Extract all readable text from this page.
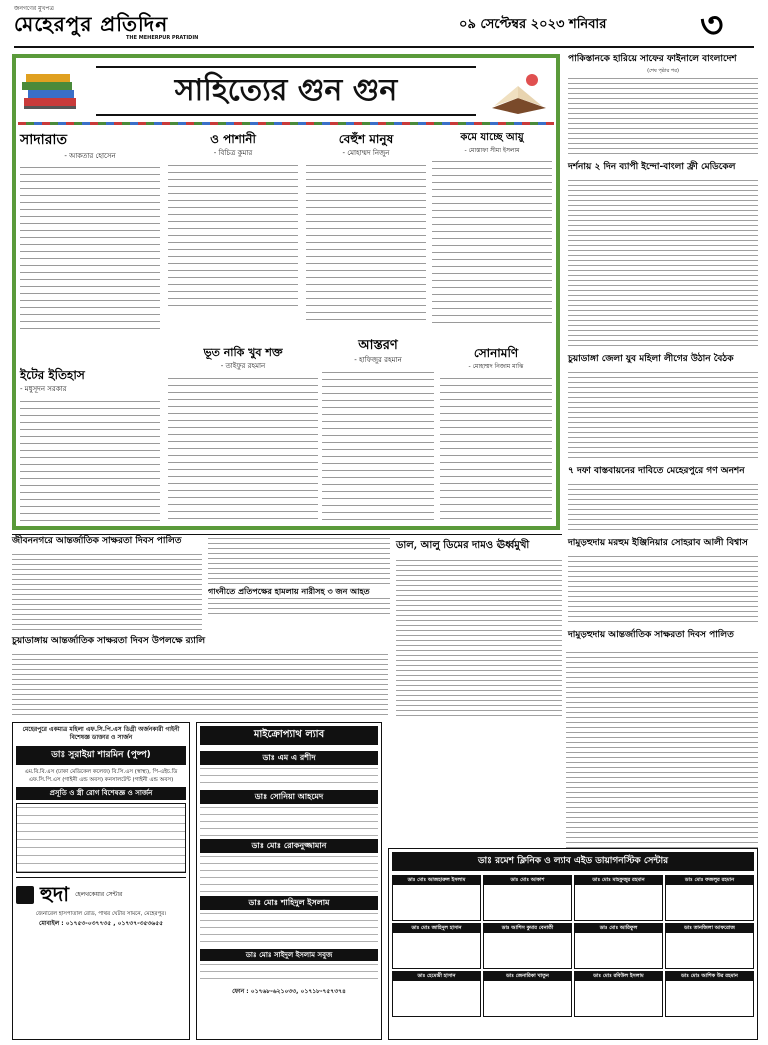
জনগণের মুখপত্র
মেহেরপুর প্রতিদিন
THE MEHERPUR PRATIDIN
০৯ সেপ্টেম্বর ২০২৩ শনিবার	৩
সাহিত্যের গুন গুন
সাদারাত
- আকতার হোসেন
ও পাশানী
- বিচিত্র কুমার
বেহুঁশ মানুষ
- মোহাম্মদ নিজুন
কমে যাচ্ছে আয়ু
- মোস্তাফা সীমা ইসলাম
ভূত নাকি খুব শক্ত
- তাইফুর রহমান
ইটের ইতিহাস
- মধুসূদন সরকার
আস্তরণ
- হাফিজুর রহমান
সোনামণি
- মোহাম্মদ নিজাম মাঝি
পাকিস্তানকে হারিয়ে সাফের ফাইনালে বাংলাদেশ
(শেষ পৃষ্ঠার পর)
দর্শনায় ২ দিন ব্যাপী ইন্দো-বাংলা ফ্রী মেডিকেল
চুয়াডাঙ্গা জেলা যুব মহিলা লীগের উঠান বৈঠক
৭ দফা বাস্তবায়নের দাবিতে মেহেরপুরে গণ অনশন
দামুড়হুদায় মরহুম ইঞ্জিনিয়ার সোহরাব আলী বিশ্বাস
দামুড়হুদায় আন্তর্জাতিক সাক্ষরতা দিবস পালিত
জীবননগরে আন্তর্জাতিক সাক্ষরতা দিবস পালিত
চুয়াডাঙ্গায় আন্তর্জাতিক সাক্ষরতা দিবস উপলক্ষে র‌্যালি
গাংনীতে প্রতিপক্ষের হামলায় নারীসহ ৩ জন আহত
ডাল, আলু ডিমের দামও ঊর্ধ্বমুখী
মেহেরপুরে একমাত্র মহিলা এফ.সি.পি.এস ডিগ্রী অর্জনকারী গাইনী বিশেষজ্ঞ ডাক্তার ও সার্জন
ডাঃ সুরাইয়া শারমিন (পুষ্প)
এম.বি.বি.এস (ঢাকা মেডিকেল কলেজ) বি.সি.এস (স্বাস্থ্য), পি-এইচ.ডি এফ.সি.পি.এস (গাইনী এন্ড অবস) কনসালটেন্ট (গাইনী এন্ড অবস)
প্রসূতি ও স্ত্রী রোগ বিশেষজ্ঞ ও সার্জন
হুদা হেলথকেয়ার সেন্টার
জেনারেল হাসপাতাল রোড, পাথর ঘেটার সামনে, মেহেরপুর।
মোবাইল : ০১৭৫৩-০৩৭৭৩৫ , ০১৭৩৭-৩৫৩৬৫৫
মাইক্রোপ্যাথ ল্যাব
ডাঃ এম এ রশীদ
ডাঃ সোনিয়া আহমেদ
ডাঃ মোঃ রোকনুজ্জামান
ডাঃ মোঃ শাহিদুল ইসলাম
ডাঃ মোঃ সাইদুল ইসলাম সবুজ
ফোন : ০১৭৬৮-৬২১০৩৩, ০১৭১৮-৭৫৭৩৭৪
ডাঃ রমেশ ক্লিনিক ও ল্যাব এইড ডায়াগনস্টিক সেন্টার
ডাঃ মোঃ আজহারুল ইসলাম	ডাঃ মোঃ আকাশ	ডাঃ মোঃ মাহফুজুর রহমান	ডাঃ মোঃ ফজলুর রহমান
ডাঃ মোঃ জাহিদুল হাসান	ডাঃ আশিস কুমার বেনাতী	ডাঃ মোঃ আরিফুল	ডাঃ তানজিলা আফরোজ
ডাঃ হেমেন্দ্রী হাসান	ডাঃ জেনারিকা খাতুন	ডাঃ মোঃ রবিউল ইসলাম	ডাঃ মোঃ আশিক উর রহমান
